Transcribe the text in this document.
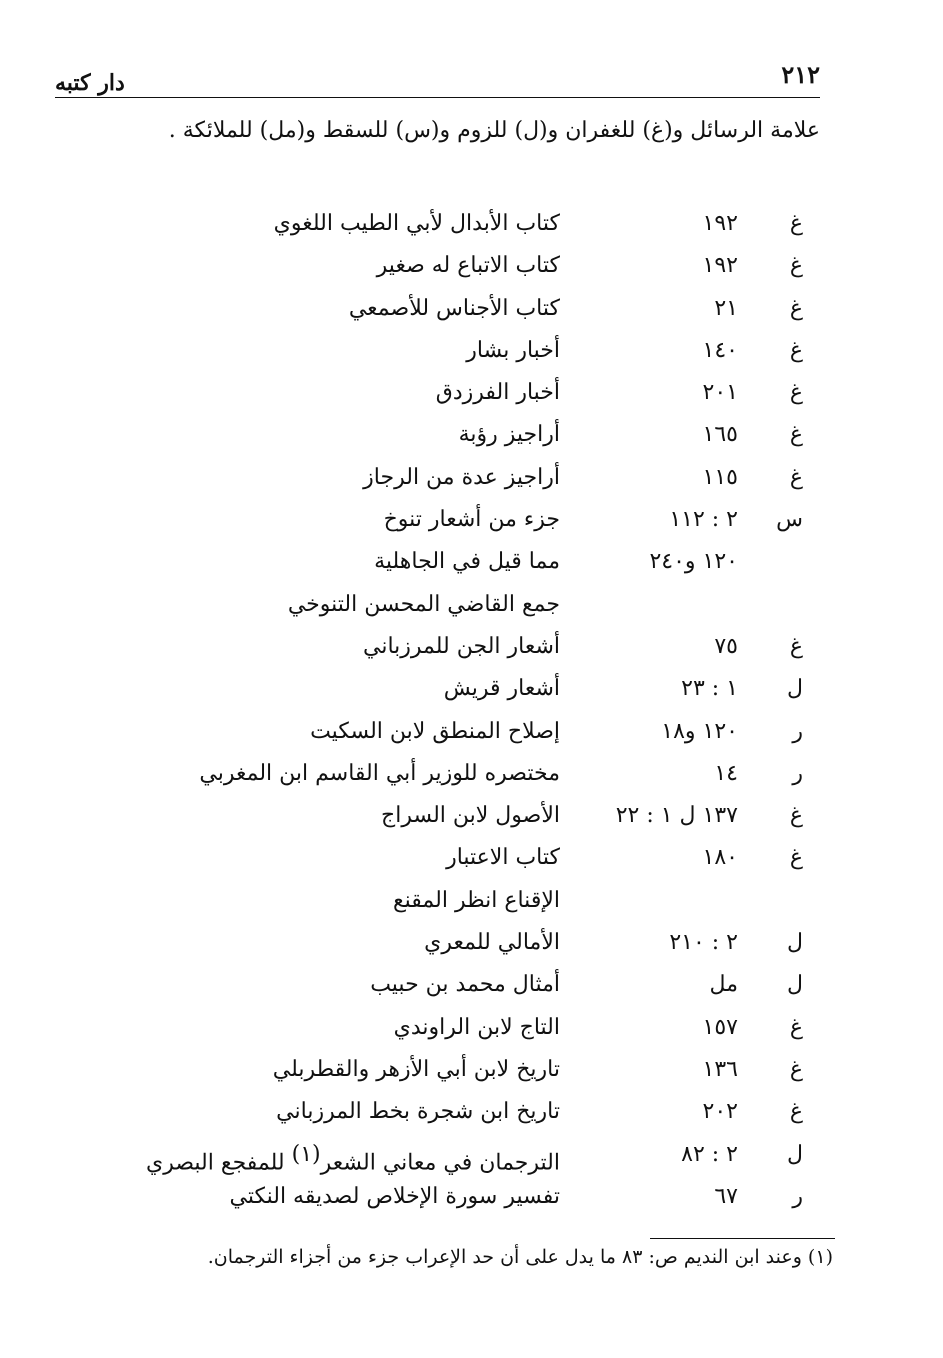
٢١٢
دار كتبه
علامة الرسائل و(غ) للغفران و(ل) للزوم و(س) للسقط و(مل) للملائكة .
غ
١٩٢
كتاب الأبدال لأبي الطيب اللغوي
غ
١٩٢
كتاب الاتباع له صغير
غ
٢١
كتاب الأجناس للأصمعي
غ
١٤٠
أخبار بشار
غ
٢٠١
أخبار الفرزدق
غ
١٦٥
أراجيز رؤبة
غ
١١٥
أراجيز عدة من الرجاز
س
٢ : ١١٢
جزء من أشعار تنوخ
١٢٠ و٢٤٠
مما قيل في الجاهلية
جمع القاضي المحسن التنوخي
غ
٧٥
أشعار الجن للمرزباني
ل
١ : ٢٣
أشعار قريش
ر
١٢٠ و١٨
إصلاح المنطق لابن السكيت
ر
١٤
مختصره للوزير أبي القاسم ابن المغربي
غ
١٣٧ ل ١ : ٢٢
الأصول لابن السراج
غ
١٨٠
كتاب الاعتبار
الإقناع انظر المقنع
ل
٢ : ٢١٠
الأمالي للمعري
ل
مل
أمثال محمد بن حبيب
غ
١٥٧
التاج لابن الراوندي
غ
١٣٦
تاريخ لابن أبي الأزهر والقطربلي
غ
٢٠٢
تاريخ ابن شجرة بخط المرزباني
ل
٢ : ٨٢
الترجمان في معاني الشعر(١) للمفجع البصري
ر
٦٧
تفسير سورة الإخلاص لصديقه النكتي
(١) وعند ابن النديم ص: ٨٣ ما يدل على أن حد الإعراب جزء من أجزاء الترجمان.
